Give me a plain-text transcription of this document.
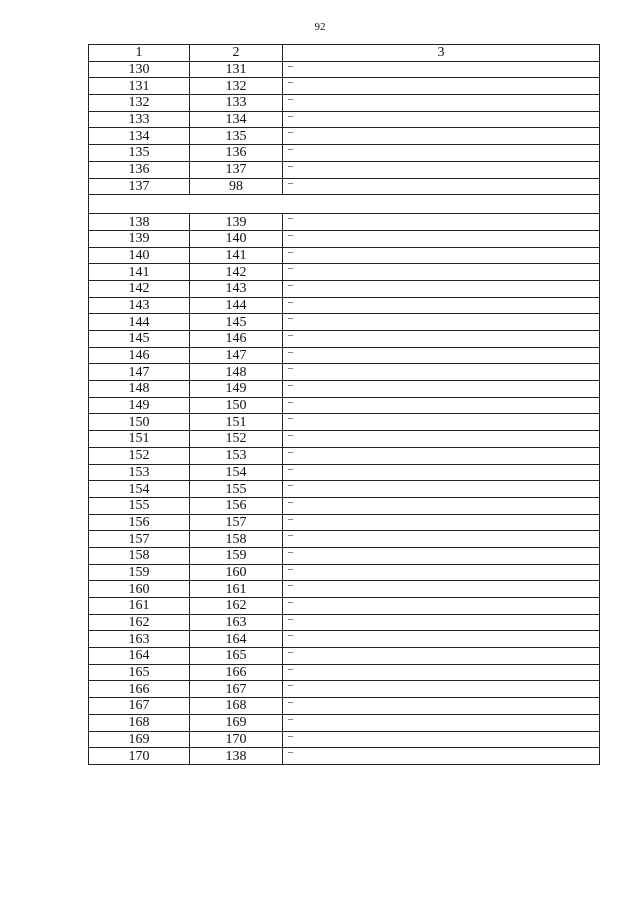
92
1	2	3
130	131	–
131	132	–
132	133	–
133	134	–
134	135	–
135	136	–
136	137	–
137	98	–

138	139	–
139	140	–
140	141	–
141	142	–
142	143	–
143	144	–
144	145	–
145	146	–
146	147	–
147	148	–
148	149	–
149	150	–
150	151	–
151	152	–
152	153	–
153	154	–
154	155	–
155	156	–
156	157	–
157	158	–
158	159	–
159	160	–
160	161	–
161	162	–
162	163	–
163	164	–
164	165	–
165	166	–
166	167	–
167	168	–
168	169	–
169	170	–
170	138	–
